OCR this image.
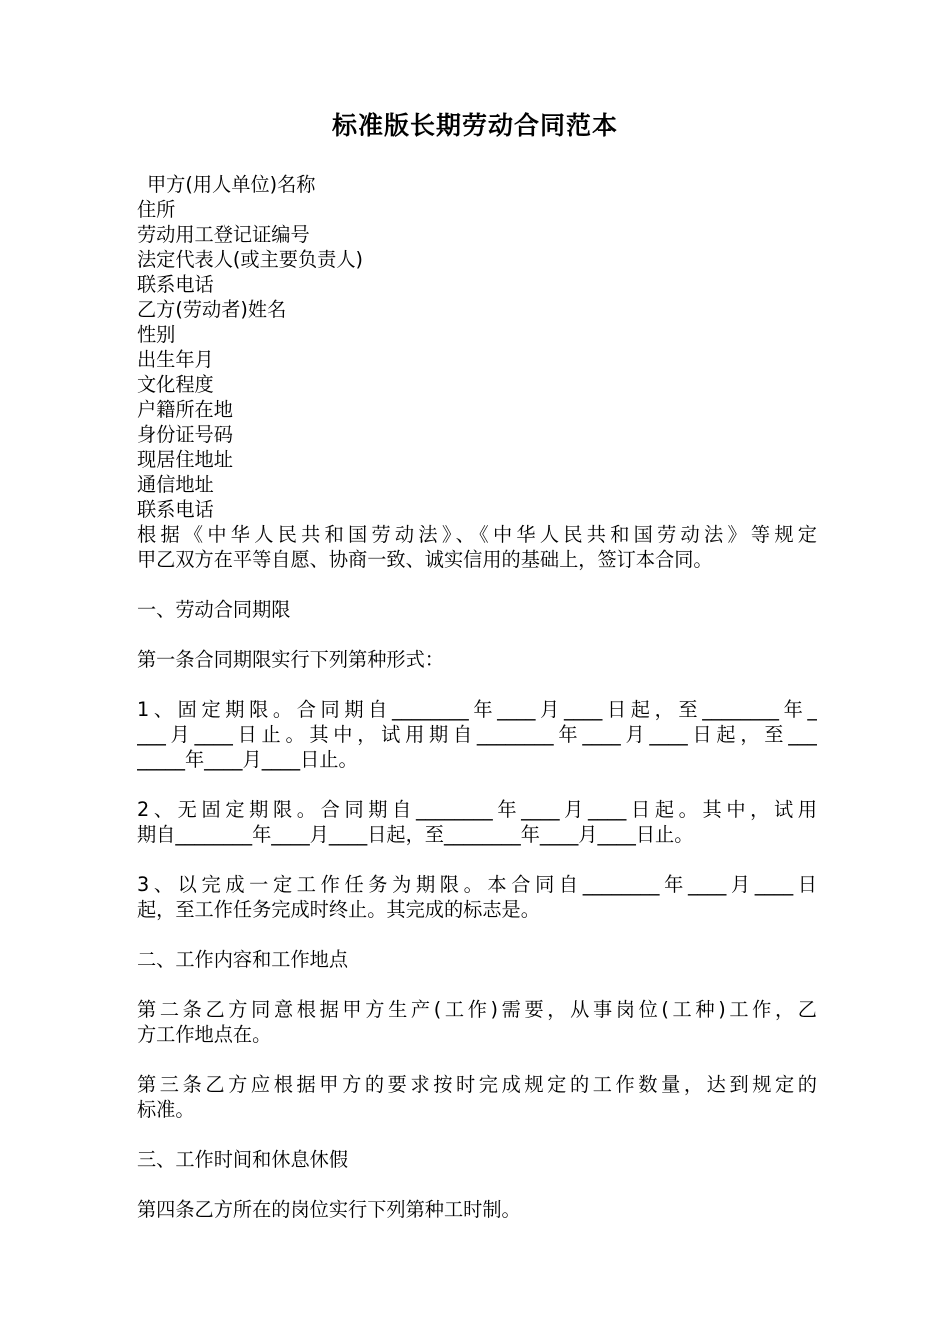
标准版长期劳动合同范本
甲方(用人单位)名称
住所
劳动用工登记证编号
法定代表人(或主要负责人)
联系电话
乙方(劳动者)姓名
性别
出生年月
文化程度
户籍所在地
身份证号码
现居住地址
通信地址
联系电话
根据《中华人民共和国劳动法》、《中华人民共和国劳动法》等规定
甲乙双方在平等自愿、协商一致、诚实信用的基础上，签订本合同。
一、劳动合同期限
第一条合同期限实行下列第种形式：
1、固定期限。合同期自________年____月____日起，至________年_
___月____日止。其中，试用期自________年____月____日起，至___
_____年____月____日止。
2、无固定期限。合同期自________年____月____日起。其中，试用
期自________年____月____日起，至________年____月____日止。
3、以完成一定工作任务为期限。本合同自________年____月____日
起，至工作任务完成时终止。其完成的标志是。
二、工作内容和工作地点
第二条乙方同意根据甲方生产(工作)需要，从事岗位(工种)工作，乙
方工作地点在。
第三条乙方应根据甲方的要求按时完成规定的工作数量，达到规定的
标准。
三、工作时间和休息休假
第四条乙方所在的岗位实行下列第种工时制。
